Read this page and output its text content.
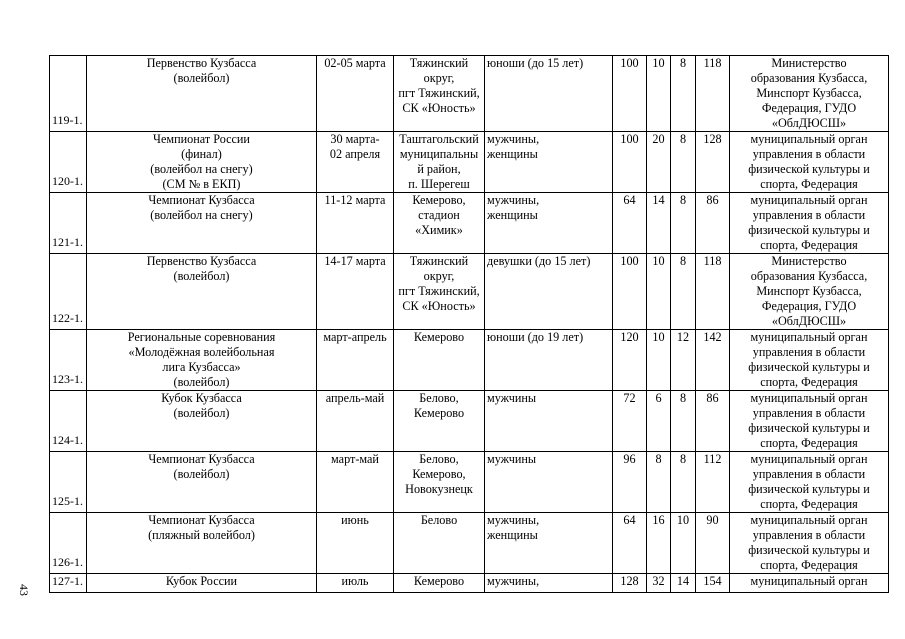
119-1.	Первенство Кузбасса
(волейбол)	02-05 марта	Тяжинский
округ,
пгт Тяжинский,
СК «Юность»	юноши (до 15 лет)	100	10	8	118	Министерство
образования Кузбасса,
Минспорт Кузбасса,
Федерация, ГУДО
«ОблДЮСШ»
120-1.	Чемпионат России
(финал)
(волейбол на снегу)
(СМ № в ЕКП)	30 марта-
02 апреля	Таштагольский
муниципальны
й район,
п. Шерегеш	мужчины,
женщины	100	20	8	128	муниципальный орган
управления в области
физической культуры и
спорта, Федерация
121-1.	Чемпионат Кузбасса
(волейбол на снегу)	11-12 марта	Кемерово,
стадион
«Химик»	мужчины,
женщины	64	14	8	86	муниципальный орган
управления в области
физической культуры и
спорта, Федерация
122-1.	Первенство Кузбасса
(волейбол)	14-17 марта	Тяжинский
округ,
пгт Тяжинский,
СК «Юность»	девушки (до 15 лет)	100	10	8	118	Министерство
образования Кузбасса,
Минспорт Кузбасса,
Федерация, ГУДО
«ОблДЮСШ»
123-1.	Региональные соревнования
«Молодёжная волейбольная
лига Кузбасса»
(волейбол)	март-апрель	Кемерово	юноши (до 19 лет)	120	10	12	142	муниципальный орган
управления в области
физической культуры и
спорта, Федерация
124-1.	Кубок Кузбасса
(волейбол)	апрель-май	Белово,
Кемерово	мужчины	72	6	8	86	муниципальный орган
управления в области
физической культуры и
спорта, Федерация
125-1.	Чемпионат Кузбасса
(волейбол)	март-май	Белово,
Кемерово,
Новокузнецк	мужчины	96	8	8	112	муниципальный орган
управления в области
физической культуры и
спорта, Федерация
126-1.	Чемпионат Кузбасса
(пляжный волейбол)	июнь	Белово	мужчины,
женщины	64	16	10	90	муниципальный орган
управления в области
физической культуры и
спорта, Федерация
127-1.	Кубок России	июль	Кемерово	мужчины,	128	32	14	154	муниципальный орган
43
